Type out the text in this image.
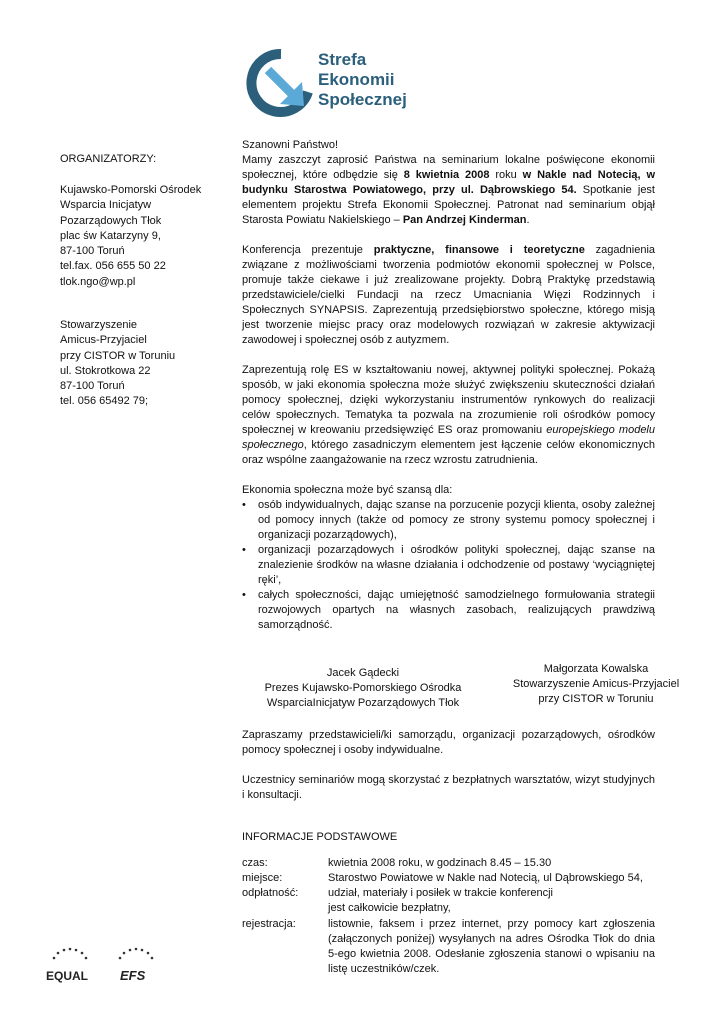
Strefa
Ekonomii
Społecznej
ORGANIZATORZY:
Kujawsko-Pomorski Ośrodek
Wsparcia Inicjatyw
Pozarządowych Tłok
plac św Katarzyny 9,
87-100 Toruń
tel.fax. 056 655 50 22
tlok.ngo@wp.pl
Stowarzyszenie
Amicus-Przyjaciel
przy CISTOR w Toruniu
ul. Stokrotkowa 22
87-100 Toruń
tel. 056 65492 79;

Szanowni Państwo!

Mamy zaszczyt zaprosić Państwa na seminarium lokalne poświęcone ekonomii społecznej, które odbędzie się 8 kwietnia 2008 roku w Nakle nad Notecią, w budynku Starostwa Powiatowego, przy ul. Dąbrowskiego 54. Spotkanie jest elementem projektu Strefa Ekonomii Społecznej. Patronat nad seminarium objął Starosta Powiatu Nakielskiego – Pan Andrzej Kinderman.

Konferencja prezentuje praktyczne, finansowe i teoretyczne zagadnienia związane z możliwościami tworzenia podmiotów ekonomii społecznej w Polsce, promuje także ciekawe i już zrealizowane projekty. Dobrą Praktykę przedstawią przedstawiciele/cielki Fundacji na rzecz Umacniania Więzi Rodzinnych i Społecznych SYNAPSIS. Zaprezentują przedsiębiorstwo społeczne, którego misją jest tworzenie miejsc pracy oraz modelowych rozwiązań w zakresie aktywizacji zawodowej i społecznej osób z autyzmem.

Zaprezentują rolę ES w kształtowaniu nowej, aktywnej polityki społecznej. Pokażą sposób, w jaki ekonomia społeczna może służyć zwiększeniu skuteczności działań pomocy społecznej, dzięki wykorzystaniu instrumentów rynkowych do realizacji celów społecznych. Tematyka ta pozwala na zrozumienie roli ośrodków pomocy społecznej w kreowaniu przedsięwzięć ES oraz promowaniu europejskiego modelu społecznego, którego zasadniczym elementem jest łączenie celów ekonomicznych oraz wspólne zaangażowanie na rzecz wzrostu zatrudnienia.

Ekonomia społeczna może być szansą dla:

• osób indywidualnych, dając szanse na porzucenie pozycji klienta, osoby zależnej od pomocy innych (także od pomocy ze strony systemu pomocy społecznej i organizacji pozarządowych),
• organizacji pozarządowych i ośrodków polityki społecznej, dając szanse na znalezienie środków na własne działania i odchodzenie od postawy ‘wyciągniętej ręki’,
• całych społeczności, dając umiejętność samodzielnego formułowania strategii rozwojowych opartych na własnych zasobach, realizujących prawdziwą samorządność.
Jacek Gądecki
Prezes Kujawsko-Pomorskiego Ośrodka
WsparciaInicjatyw Pozarządowych Tłok
Małgorzata Kowalska
Stowarzyszenie Amicus-Przyjaciel
przy CISTOR w Toruniu

Zapraszamy przedstawicieli/ki samorządu, organizacji pozarządowych, ośrodków pomocy społecznej i osoby indywidualne.

Uczestnicy seminariów mogą skorzystać z bezpłatnych warsztatów, wizyt studyjnych i konsultacji.

INFORMACJE PODSTAWOWE
czas:	kwietnia 2008 roku, w godzinach 8.45 – 15.30
miejsce:	Starostwo Powiatowe w Nakle nad Notecią, ul Dąbrowskiego 54,
odpłatność:	udział, materiały i posiłek w trakcie konferencji jest całkowicie bezpłatny,
rejestracja:	listownie, faksem i przez internet, przy pomocy kart zgłoszenia (załączonych poniżej) wysyłanych na adres Ośrodka Tłok do dnia 5-ego kwietnia 2008. Odesłanie zgłoszenia stanowi o wpisaniu na listę uczestników/czek.
EQUAL EFS
